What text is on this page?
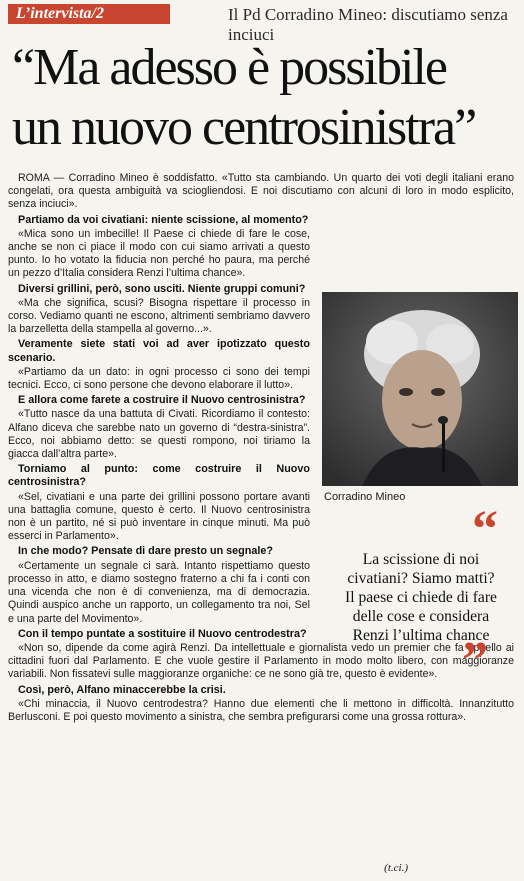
L’intervista/2	Il Pd Corradino Mineo: discutiamo senza inciuci
“Ma adesso è possibile
un nuovo centrosinistra”

ROMA — Corradino Mineo è soddisfatto. «Tutto sta cambiando. Un quarto dei voti degli italiani erano congelati, ora questa ambiguità va sciogliendosi. E noi discutiamo con alcuni di loro in modo esplicito, senza inciuci».

Partiamo da voi civatiani: niente scissione, al momento?

«Mica sono un imbecille! Il Paese ci chiede di fare le cose, anche se non ci piace il modo con cui siamo arrivati a questo punto. Io ho votato la fiducia non perché ho paura, ma perché un pezzo d’Italia considera Renzi l’ultima chance».

Diversi grillini, però, sono usciti. Niente gruppi comuni?

«Ma che significa, scusi? Bisogna rispettare il processo in corso. Vediamo quanti ne escono, altrimenti sembriamo davvero la barzelletta della stampella al governo...».

Veramente siete stati voi ad aver ipotizzato questo scenario.

«Partiamo da un dato: in ogni processo ci sono dei tempi tecnici. Ecco, ci sono persone che devono elaborare il lutto».

E allora come farete a costruire il Nuovo centrosinistra?

«Tutto nasce da una battuta di Civati. Ricordiamo il contesto: Alfano diceva che sarebbe nato un governo di “destra-sinistra”. Ecco, noi abbiamo detto: se questi rompono, noi tiriamo la giacca dall’altra parte».

Torniamo al punto: come costruire il Nuovo centrosinistra?

«Sel, civatiani e una parte dei grillini possono portare avanti una battaglia comune, questo è certo. Il Nuovo centrosinistra non è un partito, né si può inventare in cinque minuti. Ma può esserci in Parlamento».

In che modo? Pensate di dare presto un segnale?

«Certamente un segnale ci sarà. Intanto rispettiamo questo processo in atto, e diamo sostegno fraterno a chi fa i conti con una vicenda che non è di convenienza, ma di democrazia. Quindi auspico anche un rapporto, un collegamento tra noi, Sel e una parte del Movimento».

Con il tempo puntate a sostituire il Nuovo centrodestra?

«Non so, dipende da come agirà Renzi. Da intellettuale e giornalista vedo un premier che fa appello ai cittadini fuori dal Parlamento. E che vuole gestire il Parlamento in modo molto libero, con maggioranze variabili. Non fissatevi sulle maggioranze organiche: ce ne sono già tre, questo è evidente».

Così, però, Alfano minaccerebbe la crisi.

«Chi minaccia, il Nuovo centrodestra? Hanno due elementi che li mettono in difficoltà. Innanzitutto Berlusconi. E poi questo movimento a sinistra, che sembra prefigurarsi come una grossa rottura».

Corradino Mineo
“
La scissione di noi
civatiani? Siamo matti?
Il paese ci chiede di fare
delle cose e considera
Renzi l’ultima chance
”
(t.ci.)
